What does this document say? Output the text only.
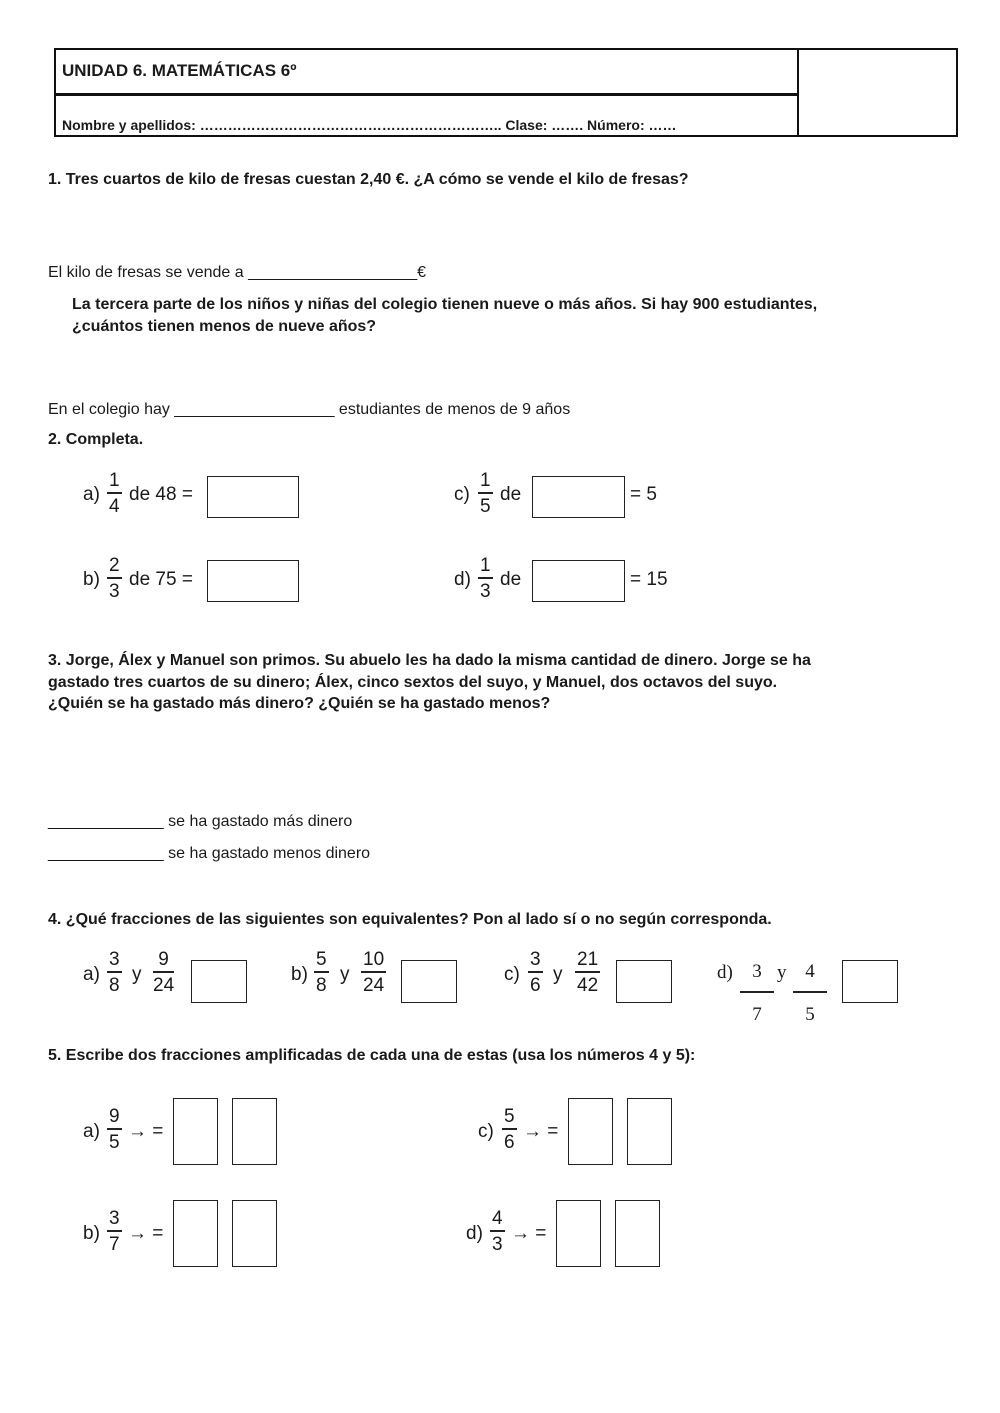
UNIDAD 6. MATEMÁTICAS 6º
Nombre y apellidos: ……………………………………………………….. Clase: ……. Número: ……
1. Tres cuartos de kilo de fresas cuestan 2,40 €. ¿A cómo se vende el kilo de fresas?
El kilo de fresas se vende a ___________________€
La tercera parte de los niños y niñas del colegio tienen nueve o más años. Si hay 900 estudiantes,
¿cuántos tienen menos de nueve años?
En el colegio hay __________________ estudiantes de menos de 9 años
2. Completa.
a)
1
4
de 48 =
b)
2
3
de 75 =
c)
1
5
de	= 5
d)
1
3
de	= 15
3. Jorge, Álex y Manuel son primos. Su abuelo les ha dado la misma cantidad de dinero. Jorge se ha
gastado tres cuartos de su dinero; Álex, cinco sextos del suyo, y Manuel, dos octavos del suyo.
¿Quién se ha gastado más dinero? ¿Quién se ha gastado menos?
_____________ se ha gastado más dinero
_____________ se ha gastado menos dinero
4. ¿Qué fracciones de las siguientes son equivalentes? Pon al lado sí o no según corresponda.
a)
3
8 y
9
24	b)
5
8 y
10
24	c)
3
6 y
21
42
d) 3
7
y 4
5
5. Escribe dos fracciones amplificadas de cada una de estas (usa los números 4 y 5):
a)
9
5 → =
b)
3
7 → =
c)
5
6 → =
d)
4
3 → =
